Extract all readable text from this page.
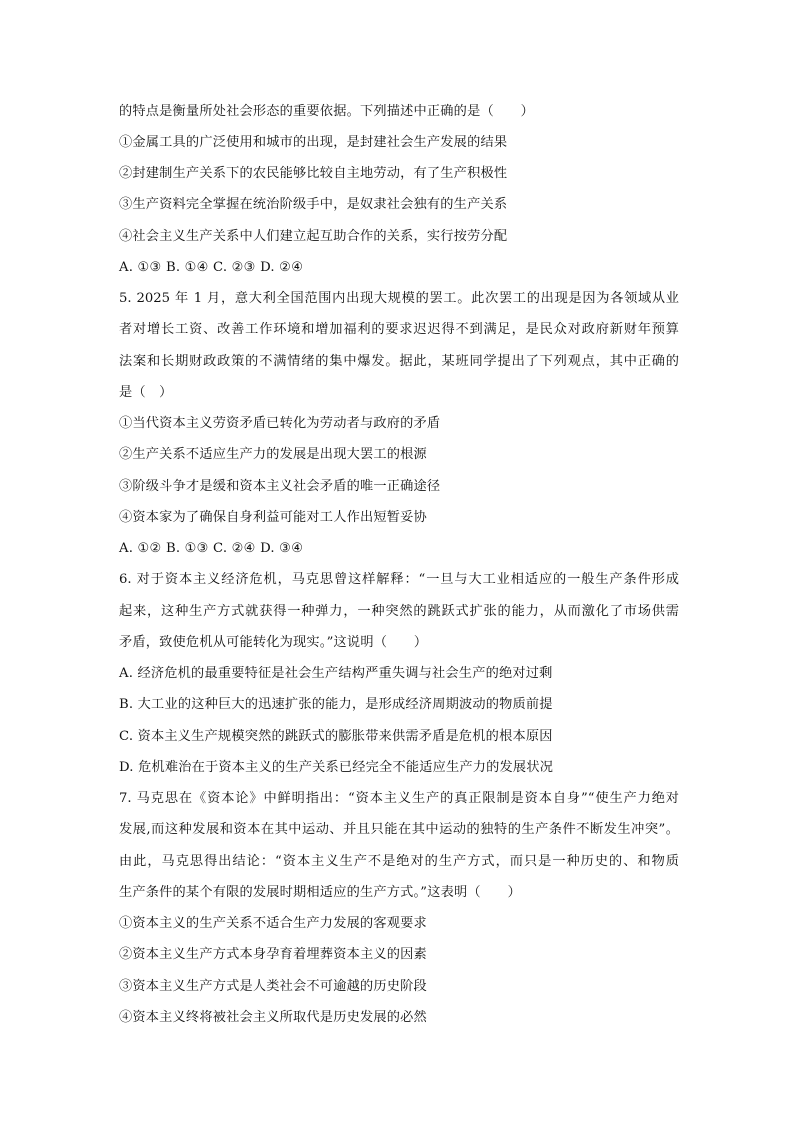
的特点是衡量所处社会形态的重要依据。下列描述中正确的是（　　）
①金属工具的广泛使用和城市的出现，是封建社会生产发展的结果
②封建制生产关系下的农民能够比较自主地劳动，有了生产积极性
③生产资料完全掌握在统治阶级手中，是奴隶社会独有的生产关系
④社会主义生产关系中人们建立起互助合作的关系，实行按劳分配
A. ①③ B. ①④ C. ②③ D. ②④
5. 2025 年 1 月，意大利全国范围内出现大规模的罢工。此次罢工的出现是因为各领域从业
者对增长工资、改善工作环境和增加福利的要求迟迟得不到满足，是民众对政府新财年预算
法案和长期财政政策的不满情绪的集中爆发。据此，某班同学提出了下列观点，其中正确的
是（　）
①当代资本主义劳资矛盾已转化为劳动者与政府的矛盾
②生产关系不适应生产力的发展是出现大罢工的根源
③阶级斗争才是缓和资本主义社会矛盾的唯一正确途径
④资本家为了确保自身利益可能对工人作出短暂妥协
A. ①② B. ①③ C. ②④ D. ③④
6. 对于资本主义经济危机，马克思曾这样解释：“一旦与大工业相适应的一般生产条件形成
起来，这种生产方式就获得一种弹力，一种突然的跳跃式扩张的能力，从而激化了市场供需
矛盾，致使危机从可能转化为现实。”这说明（　　）
A. 经济危机的最重要特征是社会生产结构严重失调与社会生产的绝对过剩
B. 大工业的这种巨大的迅速扩张的能力，是形成经济周期波动的物质前提
C. 资本主义生产规模突然的跳跃式的膨胀带来供需矛盾是危机的根本原因
D. 危机难治在于资本主义的生产关系已经完全不能适应生产力的发展状况
7. 马克思在《资本论》中鲜明指出：“资本主义生产的真正限制是资本自身”“使生产力绝对
发展,而这种发展和资本在其中运动、并且只能在其中运动的独特的生产条件不断发生冲突”。
由此，马克思得出结论：“资本主义生产不是绝对的生产方式，而只是一种历史的、和物质
生产条件的某个有限的发展时期相适应的生产方式。”这表明（　　）
①资本主义的生产关系不适合生产力发展的客观要求
②资本主义生产方式本身孕育着埋葬资本主义的因素
③资本主义生产方式是人类社会不可逾越的历史阶段
④资本主义终将被社会主义所取代是历史发展的必然
